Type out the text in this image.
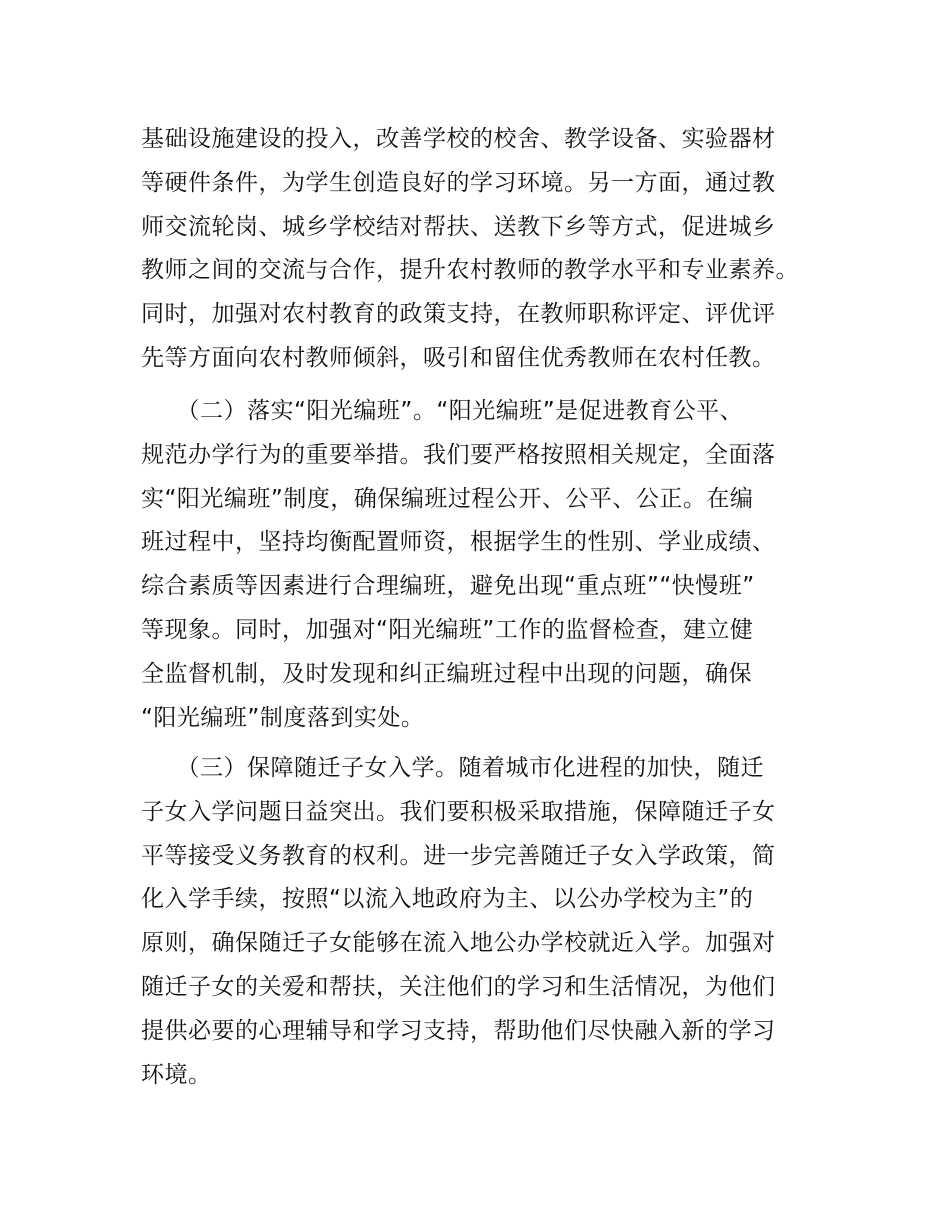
基础设施建设的投入，改善学校的校舍、教学设备、实验器材
等硬件条件，为学生创造良好的学习环境。另一方面，通过教
师交流轮岗、城乡学校结对帮扶、送教下乡等方式，促进城乡
教师之间的交流与合作，提升农村教师的教学水平和专业素养。
同时，加强对农村教育的政策支持，在教师职称评定、评优评
先等方面向农村教师倾斜，吸引和留住优秀教师在农村任教。
　　（二）落实“阳光编班”。“阳光编班”是促进教育公平、
规范办学行为的重要举措。我们要严格按照相关规定，全面落
实“阳光编班”制度，确保编班过程公开、公平、公正。在编
班过程中，坚持均衡配置师资，根据学生的性别、学业成绩、
综合素质等因素进行合理编班，避免出现“重点班”“快慢班”
等现象。同时，加强对“阳光编班”工作的监督检查，建立健
全监督机制，及时发现和纠正编班过程中出现的问题，确保
“阳光编班”制度落到实处。
　　（三）保障随迁子女入学。随着城市化进程的加快，随迁
子女入学问题日益突出。我们要积极采取措施，保障随迁子女
平等接受义务教育的权利。进一步完善随迁子女入学政策，简
化入学手续，按照“以流入地政府为主、以公办学校为主”的
原则，确保随迁子女能够在流入地公办学校就近入学。加强对
随迁子女的关爱和帮扶，关注他们的学习和生活情况，为他们
提供必要的心理辅导和学习支持，帮助他们尽快融入新的学习
环境。
